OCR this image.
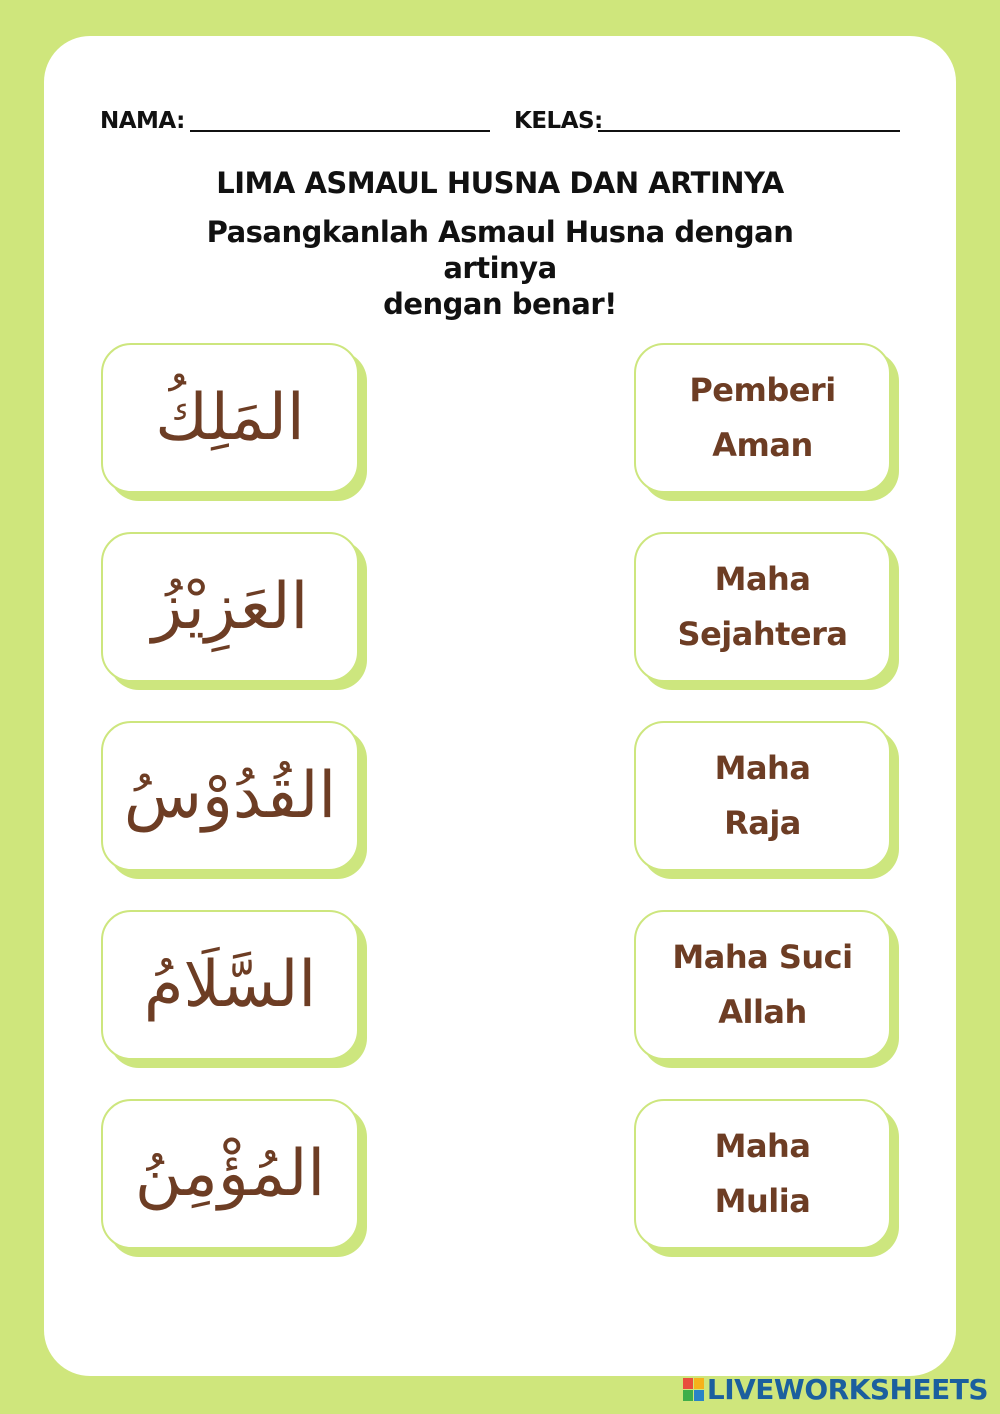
NAMA:	KELAS:
LIMA ASMAUL HUSNA DAN ARTINYA
Pasangkanlah Asmaul Husna dengan artinya
dengan benar!
المَلِكُ
العَزِيْزُ
القُدُوْسُ
السَّلَامُ
المُؤْمِنُ
Pemberi
Aman
Maha
Sejahtera
Maha
Raja
Maha Suci
Allah
Maha
Mulia
LIVEWORKSHEETS
